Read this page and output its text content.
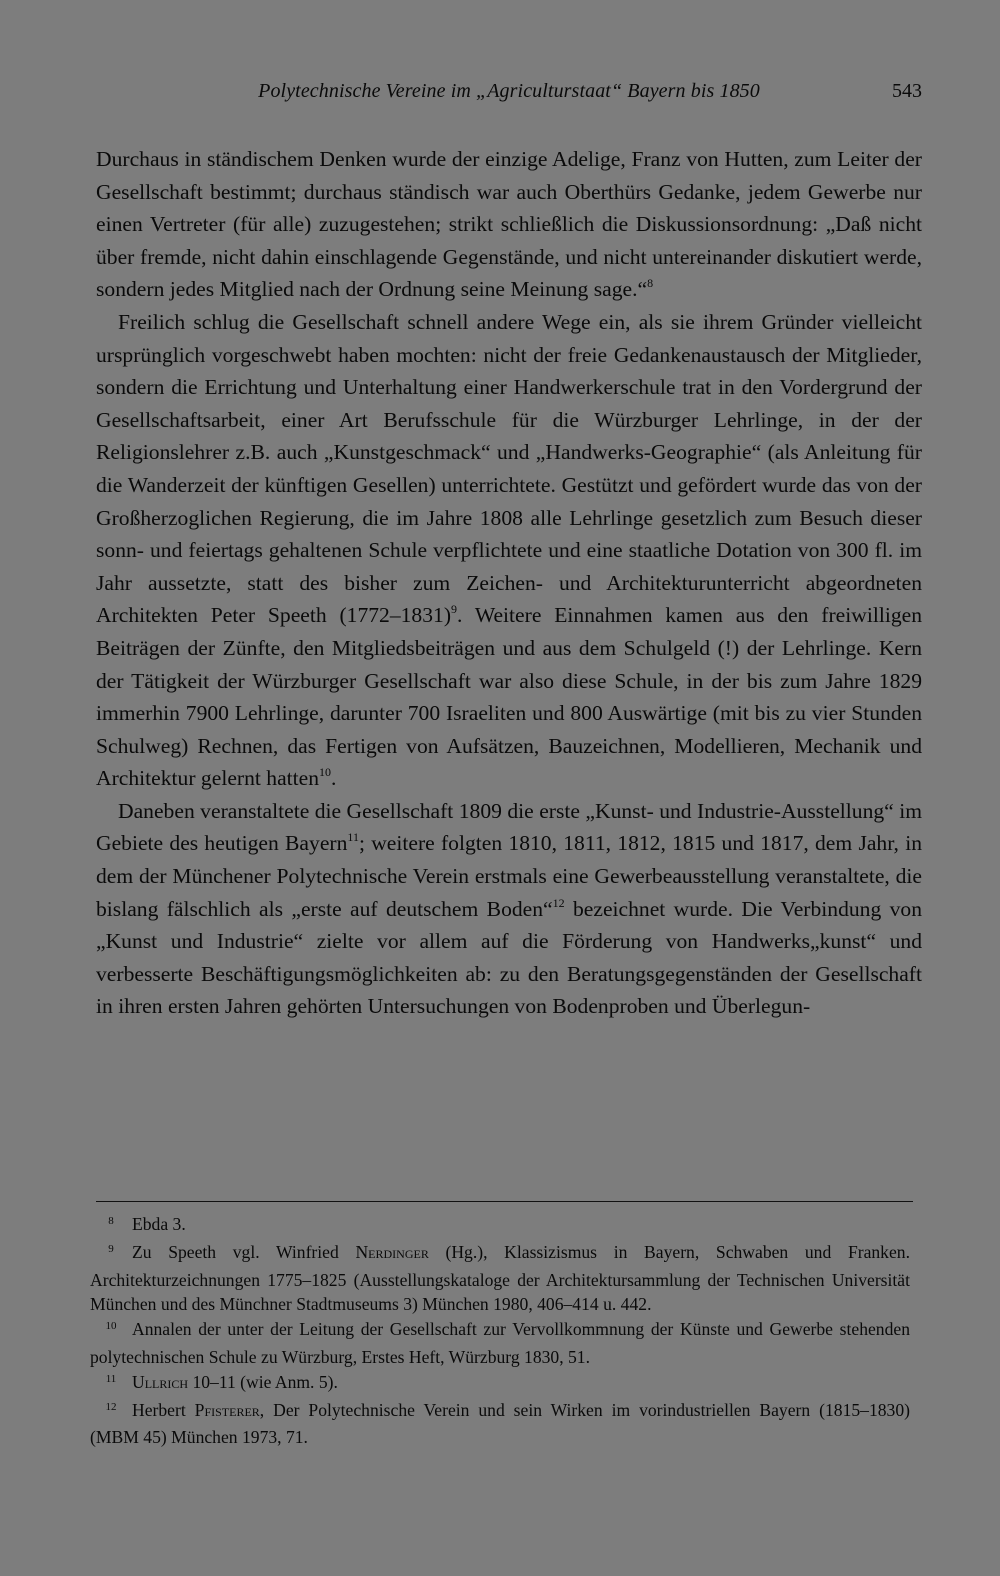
Polytechnische Vereine im „Agriculturstaat“ Bayern bis 1850	543

Durchaus in ständischem Denken wurde der einzige Adelige, Franz von Hutten, zum Leiter der Gesellschaft bestimmt; durchaus ständisch war auch Oberthürs Gedanke, jedem Gewerbe nur einen Vertreter (für alle) zuzugestehen; strikt schließlich die Diskussionsordnung: „Daß nicht über fremde, nicht dahin einschlagende Gegenstände, und nicht untereinander diskutiert werde, sondern jedes Mitglied nach der Ordnung seine Meinung sage.“$^8$

Freilich schlug die Gesellschaft schnell andere Wege ein, als sie ihrem Gründer vielleicht ursprünglich vorgeschwebt haben mochten: nicht der freie Gedankenaustausch der Mitglieder, sondern die Errichtung und Unterhaltung einer Handwerkerschule trat in den Vordergrund der Gesellschaftsarbeit, einer Art Berufsschule für die Würzburger Lehrlinge, in der der Religionslehrer z.B. auch „Kunstgeschmack“ und „Handwerks-Geographie“ (als Anleitung für die Wanderzeit der künftigen Gesellen) unterrichtete. Gestützt und gefördert wurde das von der Großherzoglichen Regierung, die im Jahre 1808 alle Lehrlinge gesetzlich zum Besuch dieser sonn- und feiertags gehaltenen Schule verpflichtete und eine staatliche Dotation von 300 fl. im Jahr aussetzte, statt des bisher zum Zeichen- und Architekturunterricht abgeordneten Architekten Peter Speeth (1772–1831)$^9$. Weitere Einnahmen kamen aus den freiwilligen Beiträgen der Zünfte, den Mitgliedsbeiträgen und aus dem Schulgeld (!) der Lehrlinge. Kern der Tätigkeit der Würzburger Gesellschaft war also diese Schule, in der bis zum Jahre 1829 immerhin 7900 Lehrlinge, darunter 700 Israeliten und 800 Auswärtige (mit bis zu vier Stunden Schulweg) Rechnen, das Fertigen von Aufsätzen, Bauzeichnen, Modellieren, Mechanik und Architektur gelernt hatten$^{10}$.

Daneben veranstaltete die Gesellschaft 1809 die erste „Kunst- und Industrie-Ausstellung“ im Gebiete des heutigen Bayern$^{11}$; weitere folgten 1810, 1811, 1812, 1815 und 1817, dem Jahr, in dem der Münchener Polytechnische Verein erstmals eine Gewerbeausstellung veranstaltete, die bislang fälschlich als „erste auf deutschem Boden“$^{12}$ bezeichnet wurde. Die Verbindung von „Kunst und Industrie“ zielte vor allem auf die Förderung von Handwerks„kunst“ und verbesserte Beschäftigungsmöglichkeiten ab: zu den Beratungsgegenständen der Gesellschaft in ihren ersten Jahren gehörten Untersuchungen von Bodenproben und Überlegun-

8 Ebda 3.

9 Zu Speeth vgl. Winfried Nerdinger (Hg.), Klassizismus in Bayern, Schwaben und Franken. Architekturzeichnungen 1775–1825 (Ausstellungskataloge der Architektursammlung der Technischen Universität München und des Münchner Stadtmuseums 3) München 1980, 406–414 u. 442.

10 Annalen der unter der Leitung der Gesellschaft zur Vervollkommnung der Künste und Gewerbe stehenden polytechnischen Schule zu Würzburg, Erstes Heft, Würzburg 1830, 51.

11 Ullrich 10–11 (wie Anm. 5).

12 Herbert Pfisterer, Der Polytechnische Verein und sein Wirken im vorindustriellen Bayern (1815–1830) (MBM 45) München 1973, 71.
